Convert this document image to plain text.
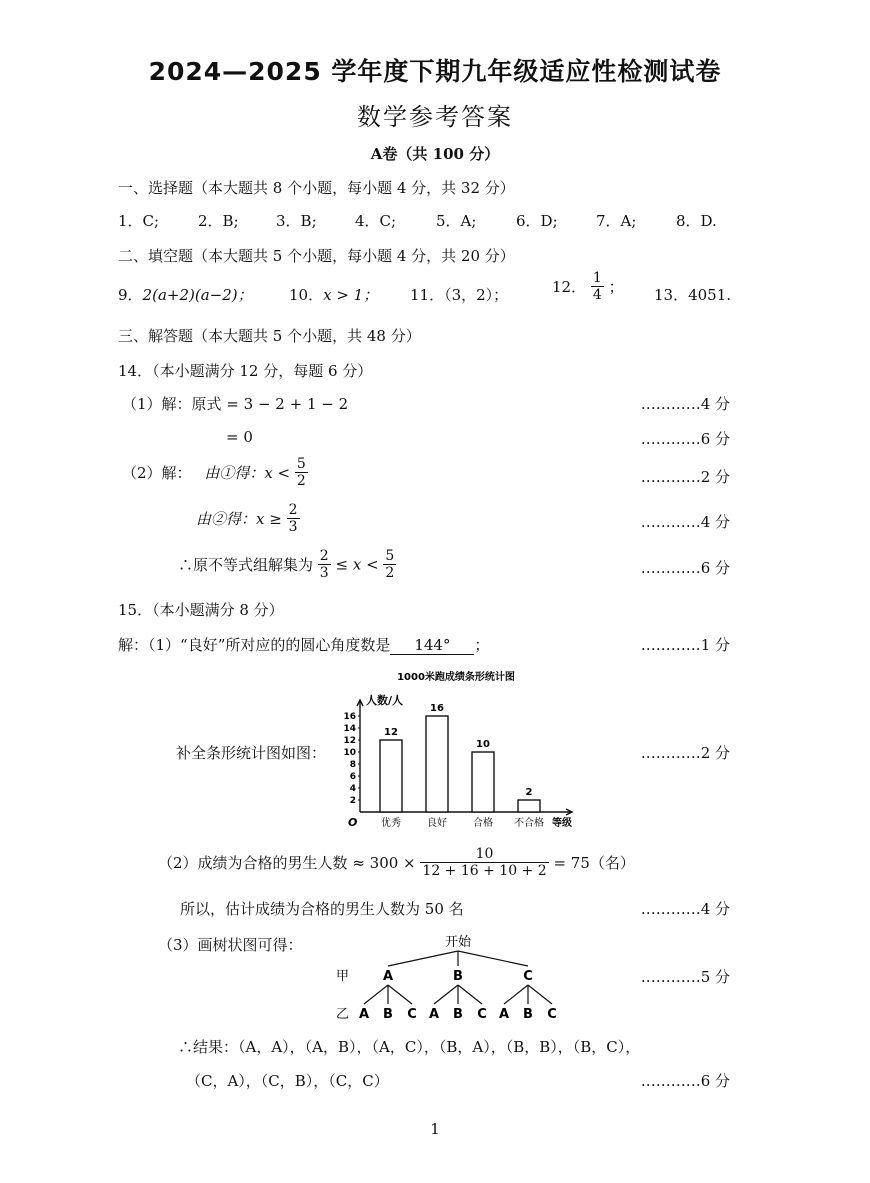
2024—2025 学年度下期九年级适应性检测试卷
数学参考答案
A卷（共 100 分）
一、选择题（本大题共 8 个小题，每小题 4 分，共 32 分）
1．C;	2．B; 3．B;	4．C;	5．A;	6．D;	7．A;	8．D.
二、填空题（本大题共 5 个小题，每小题 4 分，共 20 分）
9．2(a+2)(a−2)； 10．x > 1； 11．（3，2）；	12． $\frac{1}{4}$ ； 13．4051.
三、解答题（本大题共 5 个小题，共 48 分）
14．（本小题满分 12 分，每题 6 分）
（1）解：原式 = 3 − 2 + 1 − 2	…………4 分
= 0	…………6 分
（2）解： 由①得：$x < \frac{5}{2}$	…………2 分
由②得：$x \ge \frac{2}{3}$	…………4 分
∴原不等式组解集为 $\frac{2}{3} \le x < \frac{5}{2}$	…………6 分
15．（本小题满分 8 分）
解：（1）“良好”所对应的的圆心角度数是 144° ；	…………1 分
补全条形统计图如图：	…………2 分
1000米跑成绩条形统计图
人数/人
O	等级
2
4
6
8
10
12
14
16
12
优秀
16
良好
10
合格
2
不合格
（2）成绩为合格的男生人数 ≈ $300 \times \frac{10}{12 + 16 + 10 + 2} = 75$（名）
所以，估计成绩为合格的男生人数为 50 名	…………4 分
（3）画树状图可得：
…………5 分
开始
甲
乙
A
A B C
B
A B C
C
A B C
∴结果：（A，A），（A，B），（A，C），（B，A），（B，B），（B，C），
（C，A），（C，B），（C，C）	…………6 分
1
